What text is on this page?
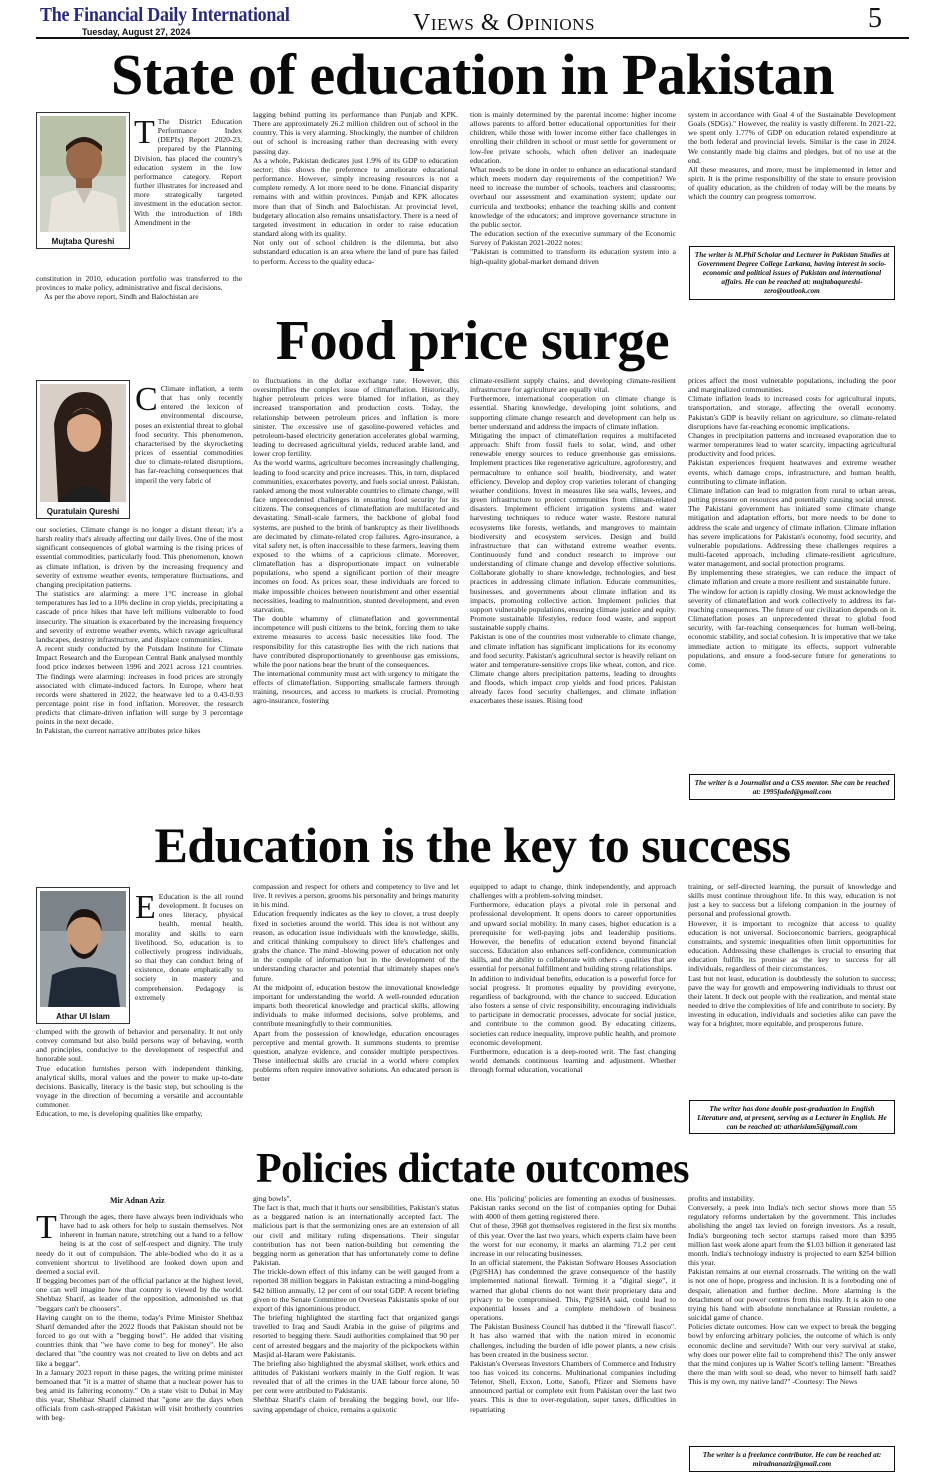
The Financial Daily International
Tuesday, August 27, 2024	Views & Opinions	5
State of education in Pakistan
Mujtaba Qureshi

T The District Education Performance Index (DEPIx) Report 2020-23, prepared by the Planning Division, has placed the country's education system in the low performance category. Report further illustrates for increased and more strategically targeted investment in the education sector. With the introduction of 18th Amendment in the

constitution in 2010, education portfolio was transferred to the provinces to make policy, administrative and fiscal decisions.

As per the above report, Sindh and Balochistan are

lagging behind putting its performance than Punjab and KPK. There are approximately 26.2 million children out of school in the country. This is very alarming. Shockingly, the number of children out of school is increasing rather than decreasing with every passing day.
As a whole, Pakistan dedicates just 1.9% of its GDP to education sector; this shows the preference to ameliorate educational performance. However, simply increasing resources is not a complete remedy. A lot more need to be done. Financial disparity remains with and within provinces. Punjab and KPK allocates more than that of Sindh and Balochistan. At provincial level, budgetary allocation also remains unsatisfactory. There is a need of targeted investment in education in order to raise education standard along with its quality.
Not only out of school children is the dilemma, but also substandard education is an area where the land of pure has failed to perform. Access to the quality educa-
tion is mainly determined by the parental income: higher income allows parents to afford better educational opportunities for their children, while those with lower income either face challenges in enrolling their children in school or must settle for government or low-fee private schools, which often deliver an inadequate education.
What needs to be done in order to enhance an educational standard which meets modern day requirements of the competition? We need to increase the number of schools, teachers and classrooms; overhaul our assessment and examination system; update our curricula and textbooks; enhance the teaching skills and content knowledge of the educators; and improve governance structure in the public sector.
The education section of the executive summary of the Economic Survey of Pakistan 2021-2022 notes:
"Pakistan is committed to transform its education system into a high-quality global-market demand driven
system in accordance with Goal 4 of the Sustainable Development Goals (SDGs)." However, the reality is vastly different. In 2021-22, we spent only 1.77% of GDP on education related expenditure at the both federal and provincial levels. Similar is the case in 2024. We constantly made big claims and pledges, but of no use at the end.
All these measures, and more, must be implemented in letter and spirit. It is the prime responsibility of the state to ensure provision of quality education, as the children of today will be the means by which the country can progress tomorrow.
The writer is M.Phil Scholar and Lecturer in Pakistan Studies at Government Degree College Larkana, having interest in socio-economic and political issues of Pakistan and international affairs. He can be reached at: mujtabaqureshi-zero@outlook.com
Food price surge
Quratulain Qureshi

C Climate inflation, a term that has only recently entered the lexicon of environmental discourse, poses an existential threat to global food security. This phenomenon, characterised by the skyrocketing prices of essential commodities due to climate-related disruptions, has far-reaching consequences that imperil the very fabric of

our societies. Climate change is no longer a distant threat; it's a harsh reality that's already affecting our daily lives. One of the most significant consequences of global warming is the rising prices of essential commodities, particularly food. This phenomenon, known as climate inflation, is driven by the increasing frequency and severity of extreme weather events, temperature fluctuations, and changing precipitation patterns.
The statistics are alarming: a mere 1°C increase in global temperatures has led to a 10% decline in crop yields, precipitating a cascade of price hikes that have left millions vulnerable to food insecurity. The situation is exacerbated by the increasing frequency and severity of extreme weather events, which ravage agricultural landscapes, destroy infrastructure, and displace communities.
A recent study conducted by the Potsdam Institute for Climate Impact Research and the European Central Bank analysed monthly food price indexes between 1996 and 2021 across 121 countries. The findings were alarming: increases in food prices are strongly associated with climate-induced factors. In Europe, where heat records were shattered in 2022, the heatwave led to a 0.43-0.93 percentage point rise in food inflation. Moreover, the research predicts that climate-driven inflation will surge by 3 percentage points in the next decade.
In Pakistan, the current narrative attributes price hikes
to fluctuations in the dollar exchange rate. However, this oversimplifies the complex issue of climateflation. Historically, higher petroleum prices were blamed for inflation, as they increased transportation and production costs. Today, the relationship between petroleum prices and inflation is more sinister. The excessive use of gasoline-powered vehicles and petroleum-based electricity generation accelerates global warming, leading to decreased agricultural yields, reduced arable land, and lower crop fertility.
As the world warms, agriculture becomes increasingly challenging, leading to food scarcity and price increases. This, in turn, displaced communities, exacerbates poverty, and fuels social unrest. Pakistan, ranked among the most vulnerable countries to climate change, will face unprecedented challenges in ensuring food security for its citizens. The consequences of climateflation are multifaceted and devastating. Small-scale farmers, the backbone of global food systems, are pushed to the brink of bankruptcy as their livelihoods are decimated by climate-related crop failures. Agro-insurance, a vital safety net, is often inaccessible to these farmers, leaving them exposed to the whims of a capricious climate. Moreover, climateflation has a disproportionate impact on vulnerable populations, who spend a significant portion of their meagre incomes on food. As prices soar, these individuals are forced to make impossible choices between nourishment and other essential necessities, leading to malnutrition, stunted development, and even starvation.
The double whammy of climateflation and governmental incompetence will push citizens to the brink, forcing them to take extreme measures to access basic necessities like food. The responsibility for this catastrophe lies with the rich nations that have contributed disproportionately to greenhouse gas emissions, while the poor nations bear the brunt of the consequences.
The international community must act with urgency to mitigate the effects of climateflation. Supporting smallscale farmers through training, resources, and access to markets is crucial. Promoting agro-insurance, fostering
climate-resilient supply chains, and developing climate-resilient infrastructure for agriculture are equally vital.
Furthermore, international cooperation on climate change is essential. Sharing knowledge, developing joint solutions, and supporting climate change research and development can help us better understand and address the impacts of climate inflation.
Mitigating the impact of climateflation requires a multifaceted approach: Shift from fossil fuels to solar, wind, and other renewable energy sources to reduce greenhouse gas emissions. Implement practices like regenerative agriculture, agroforestry, and permaculture to enhance soil health, biodiversity, and water efficiency. Develop and deploy crop varieties tolerant of changing weather conditions. Invest in measures like sea walls, levees, and green infrastructure to protect communities from climate-related disasters. Implement efficient irrigation systems and water harvesting techniques to reduce water waste. Restore natural ecosystems like forests, wetlands, and mangroves to maintain biodiversity and ecosystem services. Design and build infrastructure that can withstand extreme weather events. Continuously fund and conduct research to improve our understanding of climate change and develop effective solutions. Collaborate globally to share knowledge, technologies, and best practices in addressing climate inflation. Educate communities, businesses, and governments about climate inflation and its impacts, promoting collective action. Implement policies that support vulnerable populations, ensuring climate justice and equity. Promote sustainable lifestyles, reduce food waste, and support sustainable supply chains.
Pakistan is one of the countries most vulnerable to climate change, and climate inflation has significant implications for its economy and food security. Pakistan's agricultural sector is heavily reliant on water and temperature-sensitive crops like wheat, cotton, and rice. Climate change alters precipitation patterns, leading to droughts and floods, which impact crop yields and food prices. Pakistan already faces food security challenges, and climate inflation exacerbates these issues. Rising food
prices affect the most vulnerable populations, including the poor and marginalized communities.
Climate inflation leads to increased costs for agricultural inputs, transportation, and storage, affecting the overall economy. Pakistan's GDP is heavily reliant on agriculture, so climate-related disruptions have far-reaching economic implications.
Changes in precipitation patterns and increased evaporation due to warmer temperatures lead to water scarcity, impacting agricultural productivity and food prices.
Pakistan experiences frequent heatwaves and extreme weather events, which damage crops, infrastructure, and human health, contributing to climate inflation.
Climate inflation can lead to migration from rural to urban areas, putting pressure on resources and potentially causing social unrest. The Pakistani government has initiated some climate change mitigation and adaptation efforts, but more needs to be done to address the scale and urgency of climate inflation. Climate inflation has severe implications for Pakistan's economy, food security, and vulnerable populations. Addressing these challenges requires a multi-faceted approach, including climate-resilient agriculture, water management, and social protection programs.
By implementing these strategies, we can reduce the impact of climate inflation and create a more resilient and sustainable future.
The window for action is rapidly closing. We must acknowledge the severity of climateflation and work collectively to address its far-reaching consequences. The future of our civilization depends on it. Climateflation poses an unprecedented threat to global food security, with far-reaching consequences for human well-being, economic stability, and social cohesion. It is imperative that we take immediate action to mitigate its effects, support vulnerable populations, and ensure a food-secure future for generations to come.
The writer is a Journalist and a CSS mentor. She can be reached at: 1995faded@gmail.com
Education is the key to success
Athar Ul Islam

E Education is the all round development. It focuses on ones literacy, physical health, mental health, morality and skills to earn livelihood. So, education is to collectively progress individuals, so that they can conduct bring of existence, donate emphatically to society in mastery and comprehension. Pedagogy is extremely

clumped with the growth of behavior and personality. It not only convey command but also build persons way of behaving, worth and principles, conducive to the development of respectful and honorable soul.
True education furnishes person with independent thinking, analytical skills, moral values and the power to make up-to-date decisions. Basically, literacy is the basic step, but schooling is the voyage in the direction of becoming a versatile and accountable commoner.
Education, to me, is developing qualities like empathy,
compassion and respect for others and competency to live and let live. It revives a person, grooms his personality and brings maturity in his mind.
Education frequently indicates as the key to clover, a trust deeply fixed in societies around the world. This idea is not without any reason, as education issue individuals with the knowledge, skills, and critical thinking compulsory to direct life's challenges and grabs the chance. The mind -blowing power of education not only in the compile of information but in the development of the understanding character and potential that ultimately shapes one's future.
At the midpoint of, education bestow the innovational knowledge important for understanding the world. A well-rounded education imparts both theoretical knowledge and practical skills, allowing individuals to make informed decisions, solve problems, and contribute meaningfully to their communities.
Apart from the possession of knowledge, education encourages perceptive and mental growth. It summons students to premise question, analyze evidence, and consider multiple perspectives. These intellectual skills are crucial in a world where complex problems often require innovative solutions. An educated person is better
equipped to adapt to change, think independently, and approach challenges with a problem-solving mindset.
Furthermore, education plays a pivotal role in personal and professional development. It opens doors to career opportunities and upward social mobility. In many cases, higher education is a prerequisite for well-paying jobs and leadership positions. However, the benefits of education extend beyond financial success. Education also enhances self-confidence, communication skills, and the ability to collaborate with others - qualities that are essential for personal fulfillment and building strong relationships.
In addition to individual benefits, education is a powerful force for social progress. It promotes equality by providing everyone, regardless of background, with the chance to succeed. Education also fosters a sense of civic responsibility, encouraging individuals to participate in democratic processes, advocate for social justice, and contribute to the common good. By educating citizens, societies can reduce inequality, improve public health, and promote economic development.
Furthermore, education is a deep-rooted writ. The fast changing world demands continuous learning and adjustment. Whether through formal education, vocational
training, or self-directed learning, the pursuit of knowledge and skills must continue throughout life. In this way, education is not just a key to success but a lifelong companion in the journey of personal and professional growth.
However, it is important to recognize that access to quality education is not universal. Socioeconomic barriers, geographical constraints, and systemic inequalities often limit opportunities for education. Addressing these challenges is crucial to ensuring that education fulfills its promise as the key to success for all individuals, regardless of their circumstances.
Last but not least, education is doubtlessly the solution to success; pave the way for growth and empowering individuals to thrust out their latent. It deck out people with the realization, and mental state needed to drive the complexities of life and contribute to society. By investing in education, individuals and societies alike can pave the way for a brighter, more equitable, and prosperous future.
The writer has done double post-graduation in English Literature and, at present, serving as a Lecturer in English. He can be reached at: atharislam5@gmail.com
Policies dictate outcomes
Mir Adnan Aziz

T Through the ages, there have always been individuals who have had to ask others for help to sustain themselves. Not inherent in human nature, stretching out a hand to a fellow being is at the cost of self-respect and dignity. The truly needy do it out of compulsion. The able-bodied who do it as a convenient shortcut to livelihood are looked down upon and deemed a social evil.
If begging becomes part of the official parlance at the highest level, one can well imagine how that country is viewed by the world. Shehbaz Sharif, as leader of the opposition, admonished us that "beggars can't be choosers".
Having caught on to the theme, today's Prime Minister Shehbaz Sharif demanded after the 2022 floods that Pakistan should not be forced to go out with a "begging bowl". He added that visiting countries think that "we have come to beg for money". He also declared that "the country was not created to live on debts and act like a beggar".
In a January 2023 report in these pages, the writing prime minister bemoaned that "it is a matter of shame that a nuclear power has to beg amid its faltering economy." On a state visit to Dubai in May this year, Shehbaz Sharif claimed that "gone are the days when officials from cash-strapped Pakistan will visit brotherly countries with beg-

ging bowls".
The fact is that, much that it hurts our sensibilities, Pakistan's status as a beggared nation is an internationally accepted fact. The malicious part is that the sermonizing ones are an extension of all our civil and military ruling dispensations. Their singular contribution has not been nation-building but cementing the begging norm as generation that has unfortunately come to define Pakistan.
The trickle-down effect of this infamy can be well gauged from a reported 38 million beggars in Pakistan extracting a mind-boggling $42 billion annually, 12 per cent of our total GDP. A recent briefing given to the Senate Committee on Overseas Pakistanis spoke of our export of this ignominious product.
The briefing highlighted the startling fact that organized gangs travelled to Iraq and Saudi Arabia in the guise of pilgrims and resorted to begging there. Saudi authorities complained that 90 per cent of arrested beggars and the majority of the pickpockets within Masjid al-Haram were Pakistanis.
The briefing also highlighted the abysmal skillset, work ethics and attitudes of Pakistani workers mainly in the Gulf region. It was revealed that of all the crimes in the UAE labour force alone, 50 per cent were attributed to Pakistanis.
Shehbaz Sharif's claim of breaking the begging bowl, our life-saving appendage of choice, remains a quixotic
one. His 'policing' policies are fomenting an exodus of businesses. Pakistan ranks second on the list of companies opting for Dubai with 4000 of them getting registered there.
Out of these, 3968 got themselves registered in the first six months of this year. Over the last two years, which experts claim have been the worst for our economy, it marks an alarming 71.2 per cent increase in our relocating businesses.
In an official statement, the Pakistan Software Houses Association (P@SHA) has condemned the grave consequence of the hastily implemented national firewall. Terming it a "digital siege", it warned that global clients do not want their proprietary data and privacy to be compromised. This, P@SHA said, could lead to exponential losses and a complete meltdown of business operations.
The Pakistan Business Council has dubbed it the "firewall fiasco". It has also warned that with the nation mired in economic challenges, including the burden of idle power plants, a new crisis has been created in the business sector.
Pakistan's Overseas Investors Chambers of Commerce and Industry too has voiced its concerns. Multinational companies including Telenor, Shell, Exxon, Lotte, Sanofi, Pfizer and Siemens have announced partial or complete exit from Pakistan over the last two years. This is due to over-regulation, super taxes, difficulties in repatriating
profits and instability.
Conversely, a peek into India's tech sector shows more than 55 regulatory reforms undertaken by the government. This includes abolishing the angel tax levied on foreign investors. As a result, India's burgeoning tech sector startups raised more than $395 million last week alone apart from the $1.03 billion it generated last month. India's technology industry is projected to earn $254 billion this year.
Pakistan remains at our eternal crossroads. The writing on the wall is not one of hope, progress and inclusion. It is a foreboding one of despair, alienation and further decline. More alarming is the detachment of our power centres from this reality. It is akin to one trying his hand with absolute nonchalance at Russian roulette, a suicidal game of chance.
Policies dictate outcomes. How can we expect to break the begging bowl by enforcing arbitrary policies, the outcome of which is only economic decline and servitude? With our very survival at stake, why does our power elite fail to comprehend this? The only answer that the mind conjures up is Walter Scott's telling lament: "Breathes there the man with soul so dead, who never to himself hath said? This is my own, my native land?" -Courtesy: The News
The writer is a freelance contributor. He can be reached at: miradnanaziz@gmail.com
